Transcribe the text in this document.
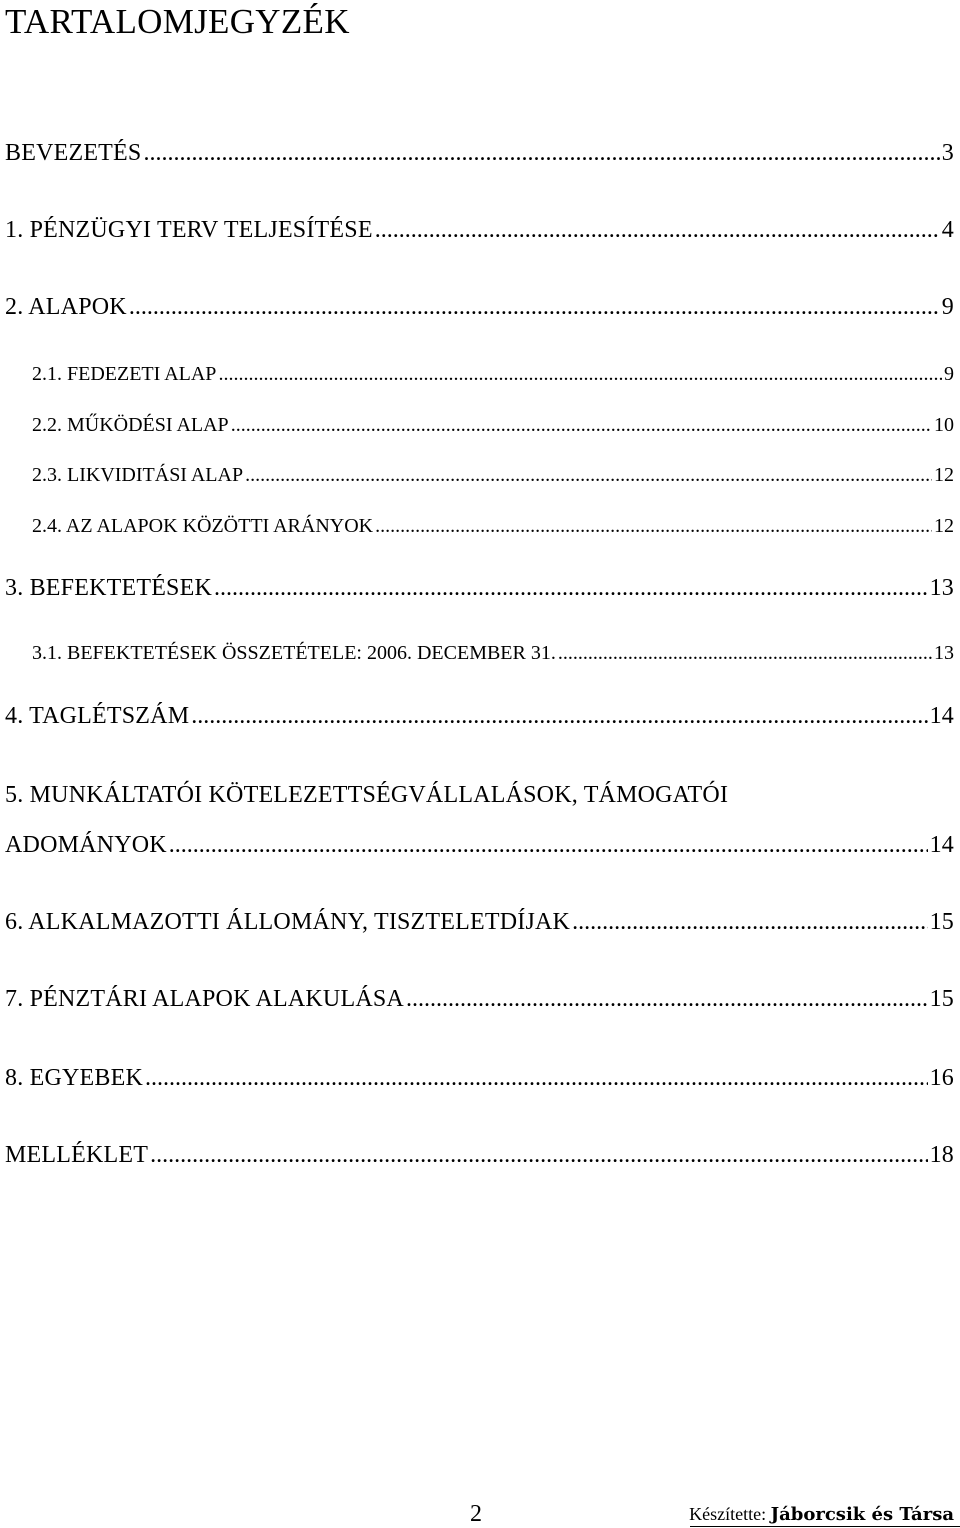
TARTALOMJEGYZÉK
BEVEZETÉS .....	3
1. PÉNZÜGYI TERV TELJESÍTÉSE .....	4
2. ALAPOK .....	9
2.1. FEDEZETI ALAP .....	9
2.2. MŰKÖDÉSI ALAP .....	10
2.3. LIKVIDITÁSI ALAP .....	12
2.4. AZ ALAPOK KÖZÖTTI ARÁNYOK .....	12
3. BEFEKTETÉSEK .....	13
3.1. BEFEKTETÉSEK ÖSSZETÉTELE: 2006. DECEMBER 31. .....	13
4. TAGLÉTSZÁM .....	14
5. MUNKÁLTATÓI KÖTELEZETTSÉGVÁLLALÁSOK, TÁMOGATÓI
ADOMÁNYOK .....	14
6. ALKALMAZOTTI ÁLLOMÁNY, TISZTELETDÍJAK .....	15
7. PÉNZTÁRI ALAPOK ALAKULÁSA .....	15
8. EGYEBEK .....	16
MELLÉKLET .....	18
2	Készítette: Jáborcsik és Társa
